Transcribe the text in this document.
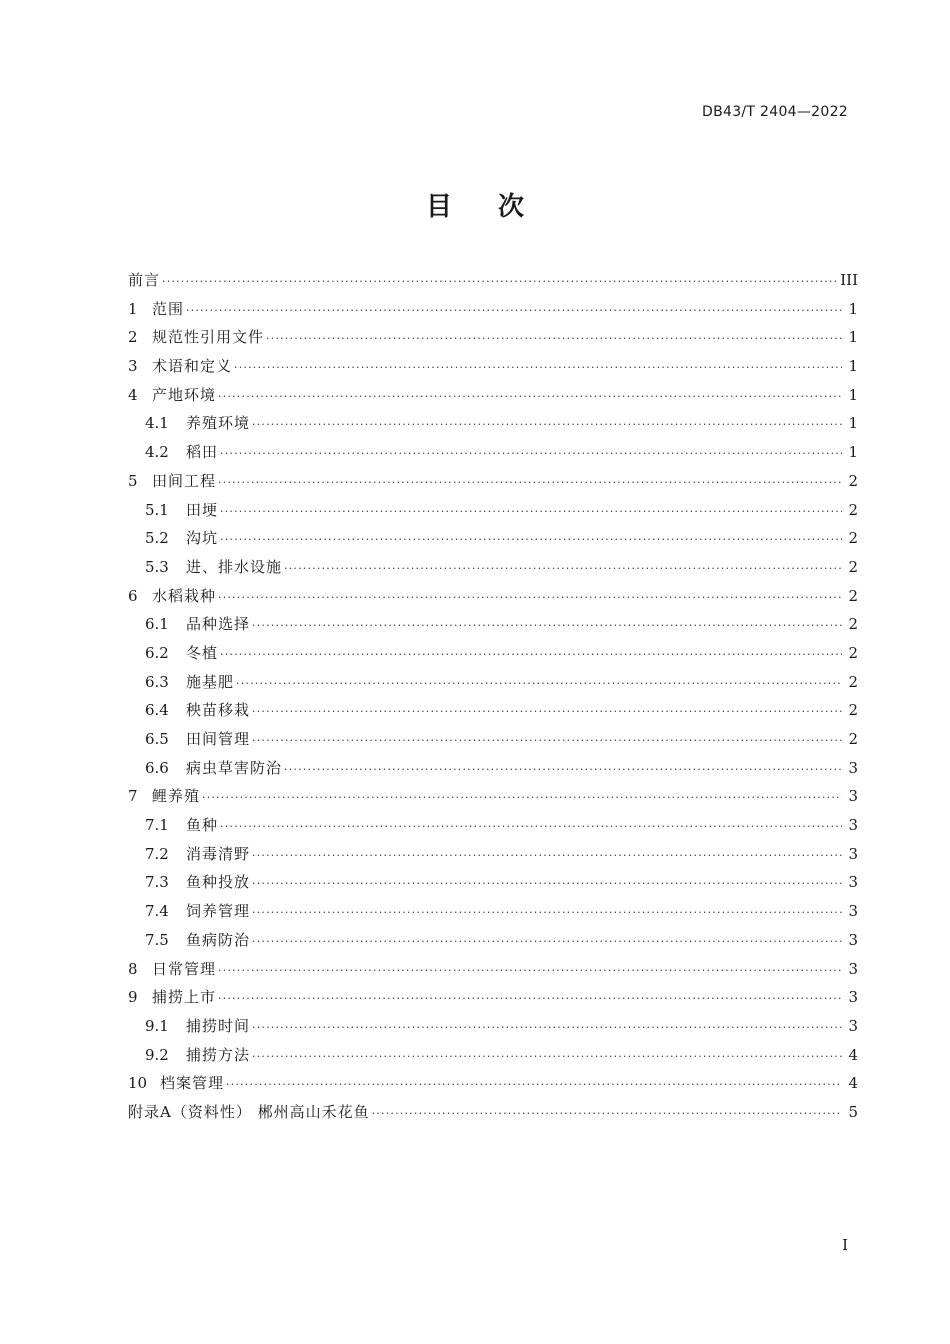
DB43/T 2404—2022
目 次
前言 ·····	III
1 范围 ·····	1
2 规范性引用文件 ·····	1
3 术语和定义 ·····	1
4 产地环境 ·····	1
4.1	养殖环境 ·····	1
4.2	稻田 ·····	1
5 田间工程 ·····	2
5.1	田埂 ·····	2
5.2	沟坑 ·····	2
5.3	进、排水设施 ·····	2
6 水稻栽种 ·····	2
6.1	品种选择 ·····	2
6.2	冬植 ·····	2
6.3	施基肥 ·····	2
6.4	秧苗移栽 ·····	2
6.5	田间管理 ·····	2
6.6	病虫草害防治 ·····	3
7 鲤养殖 ·····	3
7.1	鱼种 ·····	3
7.2	消毒清野 ·····	3
7.3	鱼种投放 ·····	3
7.4	饲养管理 ·····	3
7.5	鱼病防治 ·····	3
8 日常管理 ·····	3
9 捕捞上市 ·····	3
9.1	捕捞时间 ·····	3
9.2	捕捞方法 ·····	4
10 档案管理 ·····	4
附录A（资料性） 郴州高山禾花鱼 ·····	5
I
